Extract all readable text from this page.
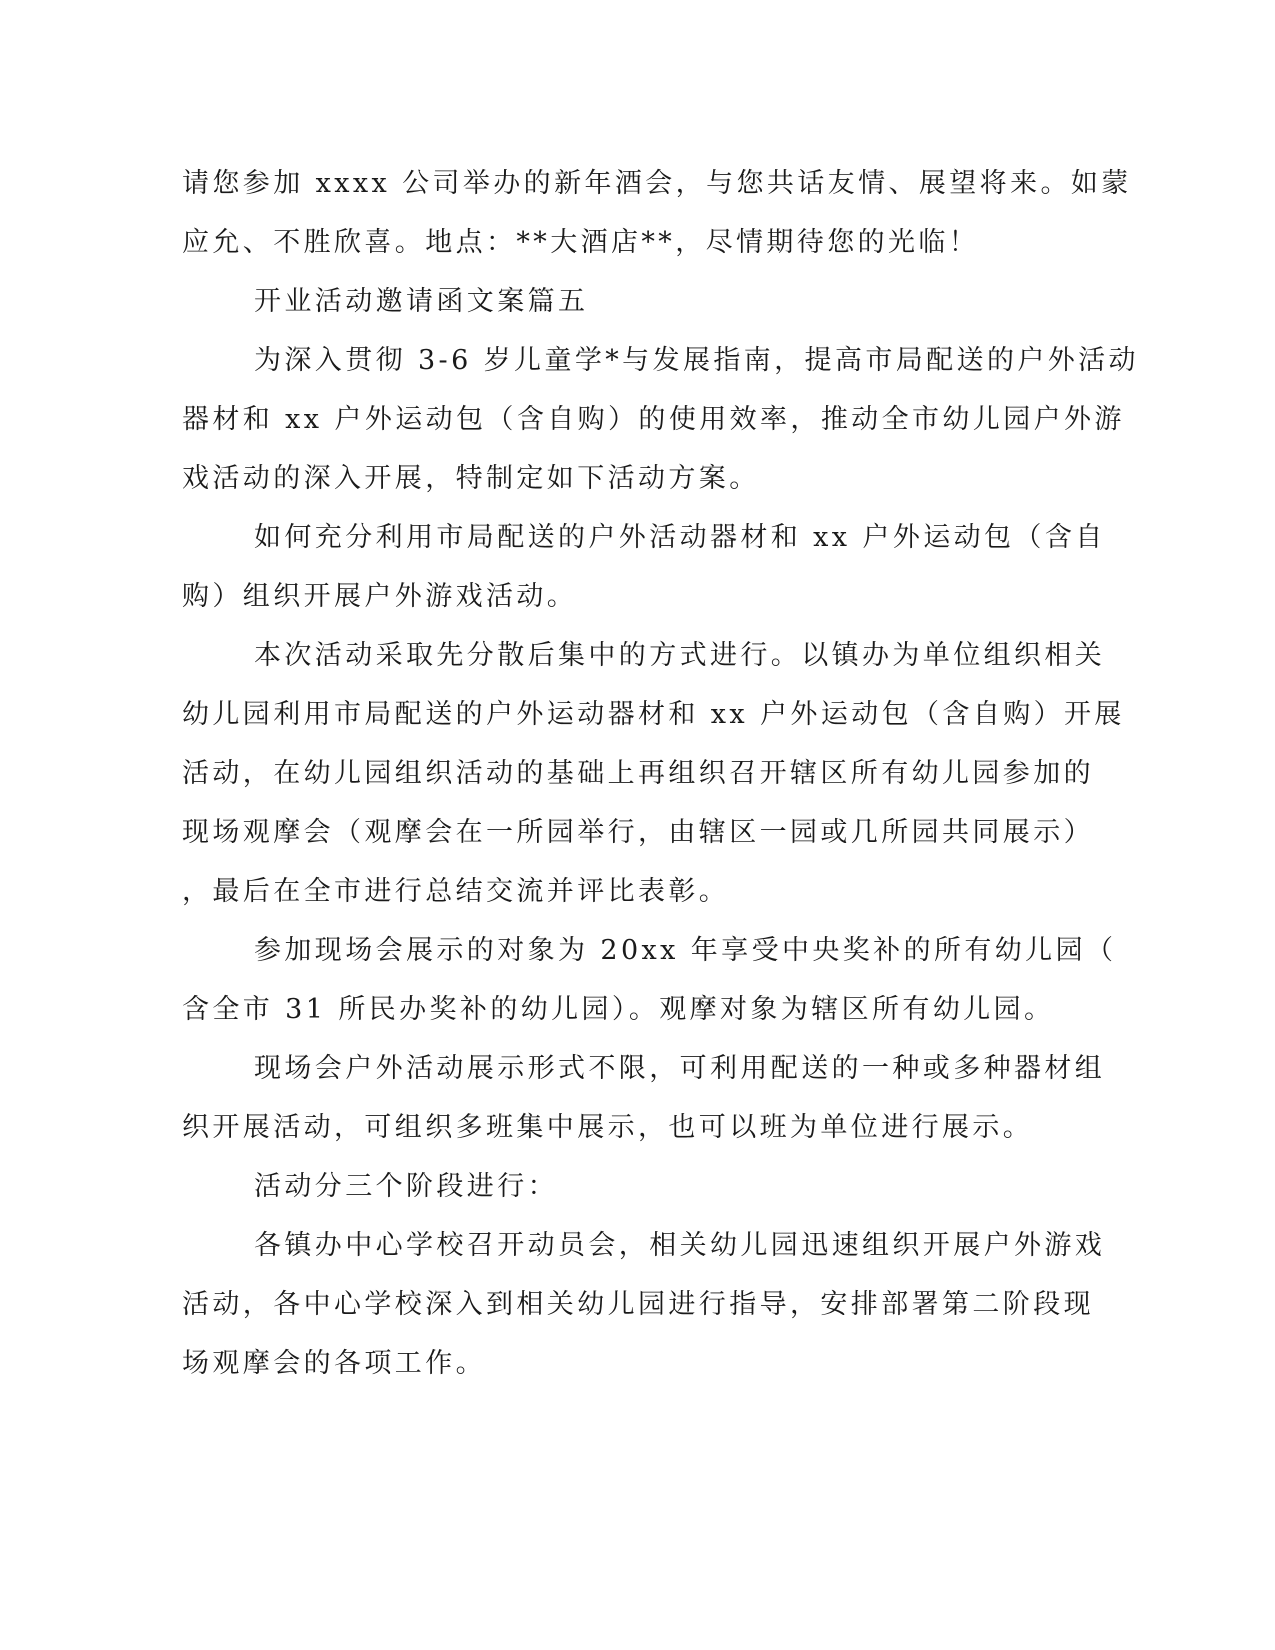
请您参加 xxxx 公司举办的新年酒会，与您共话友情、展望将来。如蒙
应允、不胜欣喜。地点：**大酒店**，尽情期待您的光临！
开业活动邀请函文案篇五
为深入贯彻 3-6 岁儿童学*与发展指南，提高市局配送的户外活动
器材和 xx 户外运动包（含自购）的使用效率，推动全市幼儿园户外游
戏活动的深入开展，特制定如下活动方案。
如何充分利用市局配送的户外活动器材和 xx 户外运动包（含自
购）组织开展户外游戏活动。
本次活动采取先分散后集中的方式进行。以镇办为单位组织相关
幼儿园利用市局配送的户外运动器材和 xx 户外运动包（含自购）开展
活动，在幼儿园组织活动的基础上再组织召开辖区所有幼儿园参加的
现场观摩会（观摩会在一所园举行，由辖区一园或几所园共同展示）
，最后在全市进行总结交流并评比表彰。
参加现场会展示的对象为 20xx 年享受中央奖补的所有幼儿园（
含全市 31 所民办奖补的幼儿园）。观摩对象为辖区所有幼儿园。
现场会户外活动展示形式不限，可利用配送的一种或多种器材组
织开展活动，可组织多班集中展示，也可以班为单位进行展示。
活动分三个阶段进行：
各镇办中心学校召开动员会，相关幼儿园迅速组织开展户外游戏
活动，各中心学校深入到相关幼儿园进行指导，安排部署第二阶段现
场观摩会的各项工作。
